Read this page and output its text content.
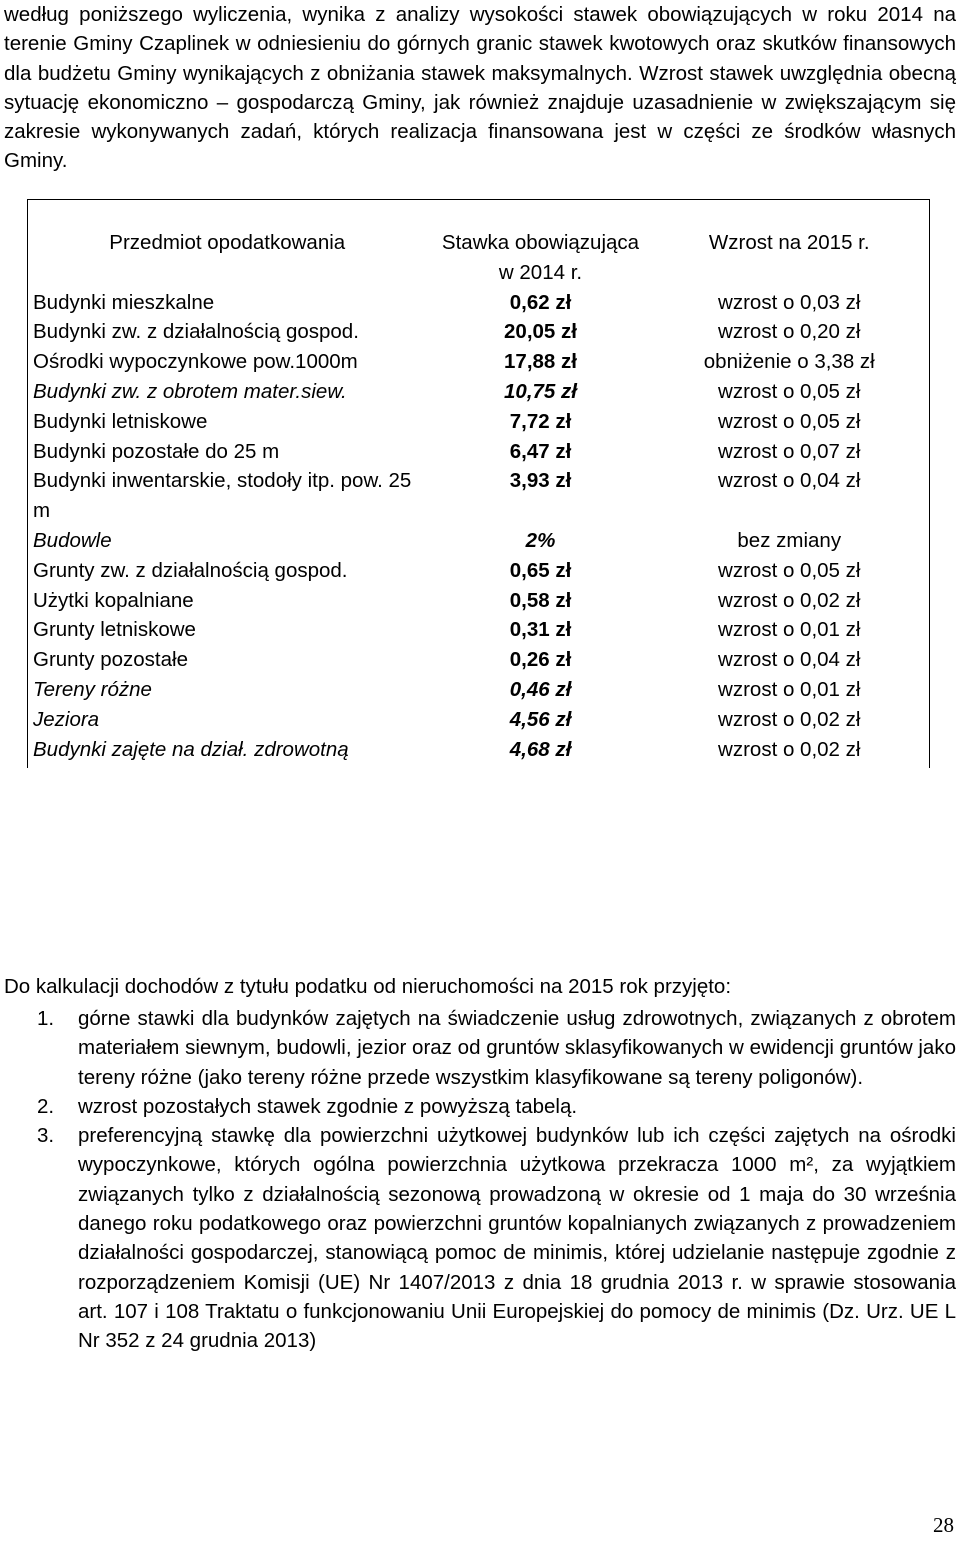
według poniższego wyliczenia, wynika z analizy wysokości stawek obowiązujących w roku 2014 na terenie Gminy Czaplinek w odniesieniu do górnych granic stawek kwotowych oraz skutków finansowych dla budżetu Gminy wynikających z obniżania stawek maksymalnych. Wzrost stawek uwzględnia obecną sytuację ekonomiczno – gospodarczą Gminy, jak również znajduje uzasadnienie w zwiększającym się zakresie wykonywanych zadań, których realizacja finansowana jest w części ze środków własnych Gminy.

Przedmiot opodatkowania	Stawka obowiązująca w 2014 r.	Wzrost na 2015 r.
Budynki mieszkalne	0,62 zł	wzrost o 0,03 zł
Budynki zw. z działalnością gospod.	20,05 zł	wzrost o 0,20 zł
Ośrodki wypoczynkowe pow.1000m	17,88 zł	obniżenie o 3,38 zł
Budynki zw. z obrotem mater.siew.	10,75 zł	wzrost o 0,05 zł
Budynki letniskowe	7,72 zł	wzrost o 0,05 zł
Budynki pozostałe do 25 m	6,47 zł	wzrost o 0,07 zł
Budynki inwentarskie, stodoły itp. pow. 25 m	3,93 zł	wzrost o 0,04 zł
Budowle	2%	bez zmiany
Grunty zw. z działalnością gospod.	0,65 zł	wzrost o 0,05 zł
Użytki kopalniane	0,58 zł	wzrost o 0,02 zł
Grunty letniskowe	0,31 zł	wzrost o 0,01 zł
Grunty pozostałe	0,26 zł	wzrost o 0,04 zł
Tereny różne	0,46 zł	wzrost o 0,01 zł
Jeziora	4,56 zł	wzrost o 0,02 zł
Budynki zajęte na dział. zdrowotną	4,68 zł	wzrost o 0,02 zł

Do kalkulacji dochodów z tytułu podatku od nieruchomości na 2015 rok przyjęto:

1. górne stawki dla budynków zajętych na świadczenie usług zdrowotnych, związanych z obrotem materiałem siewnym, budowli, jezior oraz od gruntów sklasyfikowanych w ewidencji gruntów jako tereny różne (jako tereny różne przede wszystkim klasyfikowane są tereny poligonów).
2. wzrost pozostałych stawek zgodnie z powyższą tabelą.
3. preferencyjną stawkę dla powierzchni użytkowej budynków lub ich części zajętych na ośrodki wypoczynkowe, których ogólna powierzchnia użytkowa przekracza 1000 m², za wyjątkiem związanych tylko z działalnością sezonową prowadzoną w okresie od 1 maja do 30 września danego roku podatkowego oraz powierzchni gruntów kopalnianych związanych z prowadzeniem działalności gospodarczej, stanowiącą pomoc de minimis, której udzielanie następuje zgodnie z rozporządzeniem Komisji (UE) Nr 1407/2013 z dnia 18 grudnia 2013 r. w sprawie stosowania art. 107 i 108 Traktatu o funkcjonowaniu Unii Europejskiej do pomocy de minimis (Dz. Urz. UE L Nr 352 z 24 grudnia 2013)
28
